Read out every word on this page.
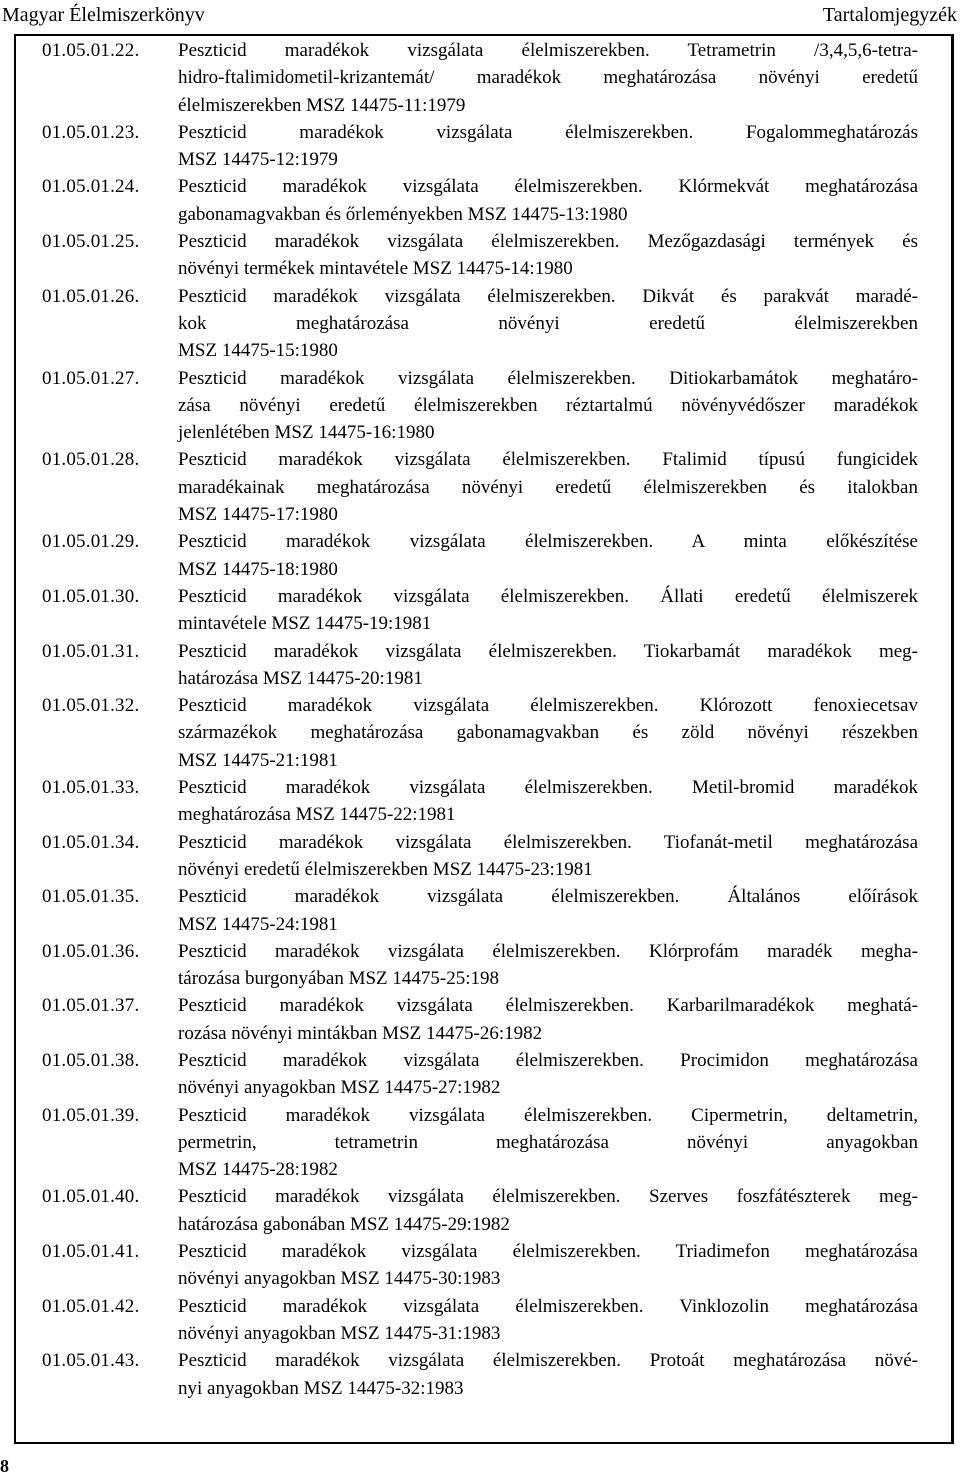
Magyar Élelmiszerkönyv	Tartalomjegyzék
01.05.01.22.	Peszticid maradékok vizsgálata élelmiszerekben. Tetrametrin /3,4,5,6-tetra-
hidro-ftalimidometil-krizantemát/ maradékok meghatározása növényi eredetű
élelmiszerekben MSZ 14475-11:1979
01.05.01.23.	Peszticid maradékok vizsgálata élelmiszerekben. Fogalommeghatározás
MSZ 14475-12:1979
01.05.01.24.	Peszticid maradékok vizsgálata élelmiszerekben. Klórmekvát meghatározása
gabonamagvakban és őrleményekben MSZ 14475-13:1980
01.05.01.25.	Peszticid maradékok vizsgálata élelmiszerekben. Mezőgazdasági termények és
növényi termékek mintavétele MSZ 14475-14:1980
01.05.01.26.	Peszticid maradékok vizsgálata élelmiszerekben. Dikvát és parakvát maradé-
kok meghatározása növényi eredetű élelmiszerekben
MSZ 14475-15:1980
01.05.01.27.	Peszticid maradékok vizsgálata élelmiszerekben. Ditiokarbamátok meghatáro-
zása növényi eredetű élelmiszerekben réztartalmú növényvédőszer maradékok
jelenlétében MSZ 14475-16:1980
01.05.01.28.	Peszticid maradékok vizsgálata élelmiszerekben. Ftalimid típusú fungicidek
maradékainak meghatározása növényi eredetű élelmiszerekben és italokban
MSZ 14475-17:1980
01.05.01.29.	Peszticid maradékok vizsgálata élelmiszerekben. A minta előkészítése
MSZ 14475-18:1980
01.05.01.30.	Peszticid maradékok vizsgálata élelmiszerekben. Állati eredetű élelmiszerek
mintavétele MSZ 14475-19:1981
01.05.01.31.	Peszticid maradékok vizsgálata élelmiszerekben. Tiokarbamát maradékok meg-
határozása MSZ 14475-20:1981
01.05.01.32.	Peszticid maradékok vizsgálata élelmiszerekben. Klórozott fenoxiecetsav
származékok meghatározása gabonamagvakban és zöld növényi részekben
MSZ 14475-21:1981
01.05.01.33.	Peszticid maradékok vizsgálata élelmiszerekben. Metil-bromid maradékok
meghatározása MSZ 14475-22:1981
01.05.01.34.	Peszticid maradékok vizsgálata élelmiszerekben. Tiofanát-metil meghatározása
növényi eredetű élelmiszerekben MSZ 14475-23:1981
01.05.01.35.	Peszticid maradékok vizsgálata élelmiszerekben. Általános előírások
MSZ 14475-24:1981
01.05.01.36.	Peszticid maradékok vizsgálata élelmiszerekben. Klórprofám maradék megha-
tározása burgonyában MSZ 14475-25:198
01.05.01.37.	Peszticid maradékok vizsgálata élelmiszerekben. Karbarilmaradékok meghatá-
rozása növényi mintákban MSZ 14475-26:1982
01.05.01.38.	Peszticid maradékok vizsgálata élelmiszerekben. Procimidon meghatározása
növényi anyagokban MSZ 14475-27:1982
01.05.01.39.	Peszticid maradékok vizsgálata élelmiszerekben. Cipermetrin, deltametrin,
permetrin, tetrametrin meghatározása növényi anyagokban
MSZ 14475-28:1982
01.05.01.40.	Peszticid maradékok vizsgálata élelmiszerekben. Szerves foszfátészterek meg-
határozása gabonában MSZ 14475-29:1982
01.05.01.41.	Peszticid maradékok vizsgálata élelmiszerekben. Triadimefon meghatározása
növényi anyagokban MSZ 14475-30:1983
01.05.01.42.	Peszticid maradékok vizsgálata élelmiszerekben. Vinklozolin meghatározása
növényi anyagokban MSZ 14475-31:1983
01.05.01.43.	Peszticid maradékok vizsgálata élelmiszerekben. Protoát meghatározása növé-
nyi anyagokban MSZ 14475-32:1983
8
